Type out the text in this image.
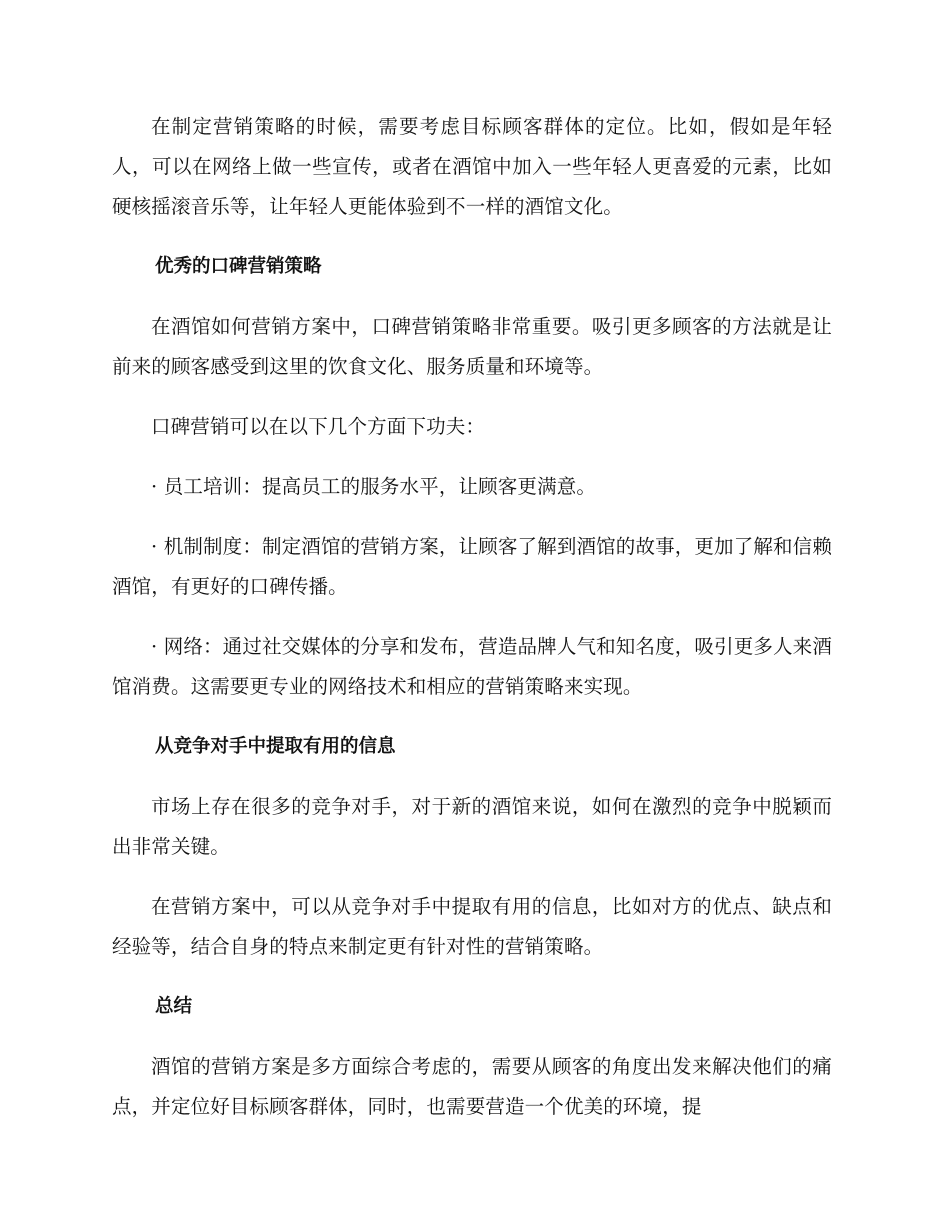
在制定营销策略的时候，需要考虑目标顾客群体的定位。比如，假如是年轻人，可以在网络上做一些宣传，或者在酒馆中加入一些年轻人更喜爱的元素，比如硬核摇滚音乐等，让年轻人更能体验到不一样的酒馆文化。

优秀的口碑营销策略

在酒馆如何营销方案中，口碑营销策略非常重要。吸引更多顾客的方法就是让前来的顾客感受到这里的饮食文化、服务质量和环境等。

口碑营销可以在以下几个方面下功夫：

· 员工培训：提高员工的服务水平，让顾客更满意。

· 机制制度：制定酒馆的营销方案，让顾客了解到酒馆的故事，更加了解和信赖酒馆，有更好的口碑传播。

· 网络：通过社交媒体的分享和发布，营造品牌人气和知名度，吸引更多人来酒馆消费。这需要更专业的网络技术和相应的营销策略来实现。

从竞争对手中提取有用的信息

市场上存在很多的竞争对手，对于新的酒馆来说，如何在激烈的竞争中脱颖而出非常关键。

在营销方案中，可以从竞争对手中提取有用的信息，比如对方的优点、缺点和经验等，结合自身的特点来制定更有针对性的营销策略。

总结

酒馆的营销方案是多方面综合考虑的，需要从顾客的角度出发来解决他们的痛点，并定位好目标顾客群体，同时，也需要营造一个优美的环境，提
